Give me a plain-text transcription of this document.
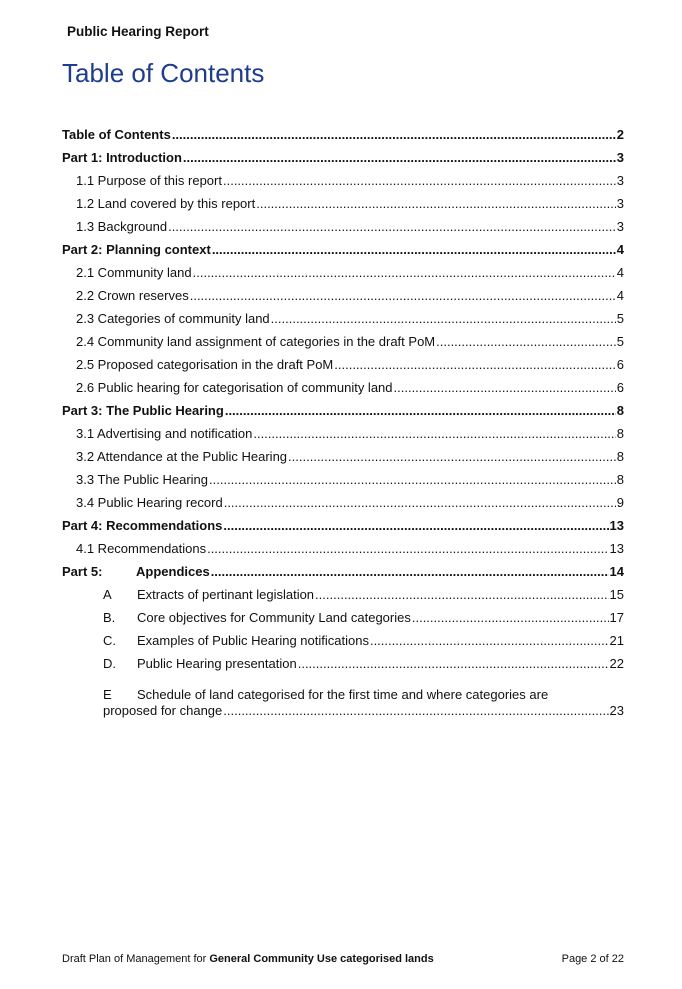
Public Hearing Report
Table of Contents
Table of Contents .....	2
Part 1: Introduction .....	3
1.1 Purpose of this report .....	3
1.2 Land covered by this report .....	3
1.3 Background .....	3
Part 2: Planning context .....	4
2.1 Community land .....	4
2.2 Crown reserves .....	4
2.3 Categories of community land .....	5
2.4 Community land assignment of categories in the draft PoM .....	5
2.5 Proposed categorisation in the draft PoM .....	6
2.6 Public hearing for categorisation of community land .....	6
Part 3: The Public Hearing .....	8
3.1 Advertising and notification .....	8
3.2 Attendance at the Public Hearing .....	8
3.3 The Public Hearing .....	8
3.4 Public Hearing record .....	9
Part 4: Recommendations .....	13
4.1 Recommendations .....	13
Part 5:	Appendices .....	14
A Extracts of pertinant legislation .....	15
B. Core objectives for Community Land categories .....	17
C. Examples of Public Hearing notifications .....	21
D. Public Hearing presentation .....	22
E Schedule of land categorised for the first time and where categories are
proposed for change .....	23
Draft Plan of Management for General Community Use categorised lands	Page 2 of 22
